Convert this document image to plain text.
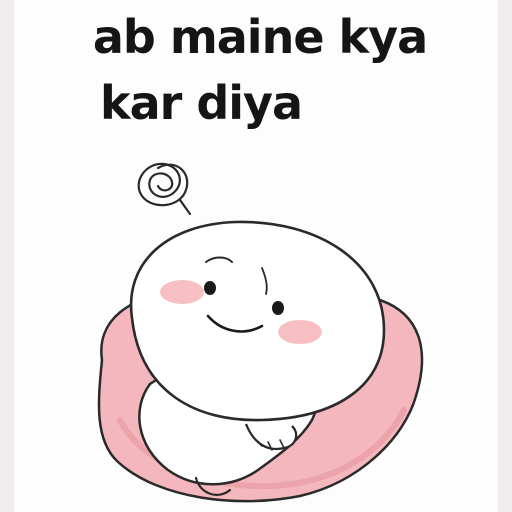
ab maine kya
kar diya
